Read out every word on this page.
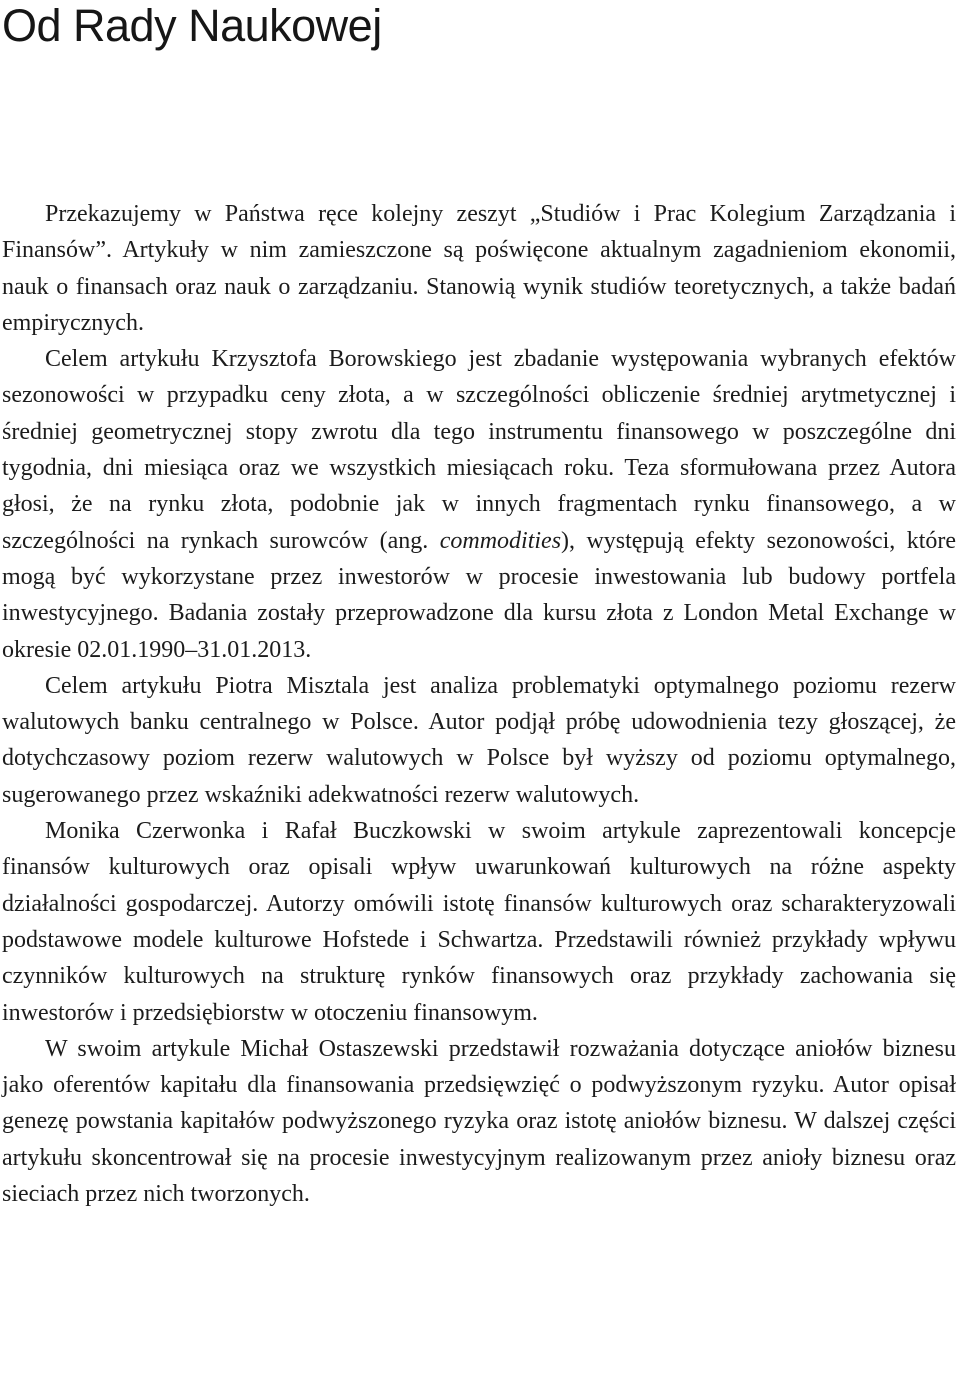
Od Rady Naukowej

Przekazujemy w Państwa ręce kolejny zeszyt „Studiów i Prac Kolegium Zarządzania i Finansów”. Artykuły w nim zamieszczone są poświęcone aktualnym zagadnieniom ekonomii, nauk o finansach oraz nauk o zarządzaniu. Stanowią wynik studiów teoretycznych, a także badań empirycznych.

Celem artykułu Krzysztofa Borowskiego jest zbadanie występowania wybranych efektów sezonowości w przypadku ceny złota, a w szczególności obliczenie średniej arytmetycznej i średniej geometrycznej stopy zwrotu dla tego instrumentu finansowego w poszczególne dni tygodnia, dni miesiąca oraz we wszystkich miesiącach roku. Teza sformułowana przez Autora głosi, że na rynku złota, podobnie jak w innych fragmentach rynku finansowego, a w szczególności na rynkach surowców (ang. commodities), występują efekty sezonowości, które mogą być wykorzystane przez inwestorów w procesie inwestowania lub budowy portfela inwestycyjnego. Badania zostały przeprowadzone dla kursu złota z London Metal Exchange w okresie 02.01.1990–31.01.2013.

Celem artykułu Piotra Misztala jest analiza problematyki optymalnego poziomu rezerw walutowych banku centralnego w Polsce. Autor podjął próbę udowodnienia tezy głoszącej, że dotychczasowy poziom rezerw walutowych w Polsce był wyższy od poziomu optymalnego, sugerowanego przez wskaźniki adekwatności rezerw walutowych.

Monika Czerwonka i Rafał Buczkowski w swoim artykule zaprezentowali koncepcje finansów kulturowych oraz opisali wpływ uwarunkowań kulturowych na różne aspekty działalności gospodarczej. Autorzy omówili istotę finansów kulturowych oraz scharakteryzowali podstawowe modele kulturowe Hofstede i Schwartza. Przedstawili również przykłady wpływu czynników kulturowych na strukturę rynków finansowych oraz przykłady zachowania się inwestorów i przedsiębiorstw w otoczeniu finansowym.

W swoim artykule Michał Ostaszewski przedstawił rozważania dotyczące aniołów biznesu jako oferentów kapitału dla finansowania przedsięwzięć o podwyższonym ryzyku. Autor opisał genezę powstania kapitałów podwyższonego ryzyka oraz istotę aniołów biznesu. W dalszej części artykułu skoncentrował się na procesie inwestycyjnym realizowanym przez anioły biznesu oraz sieciach przez nich tworzonych.
